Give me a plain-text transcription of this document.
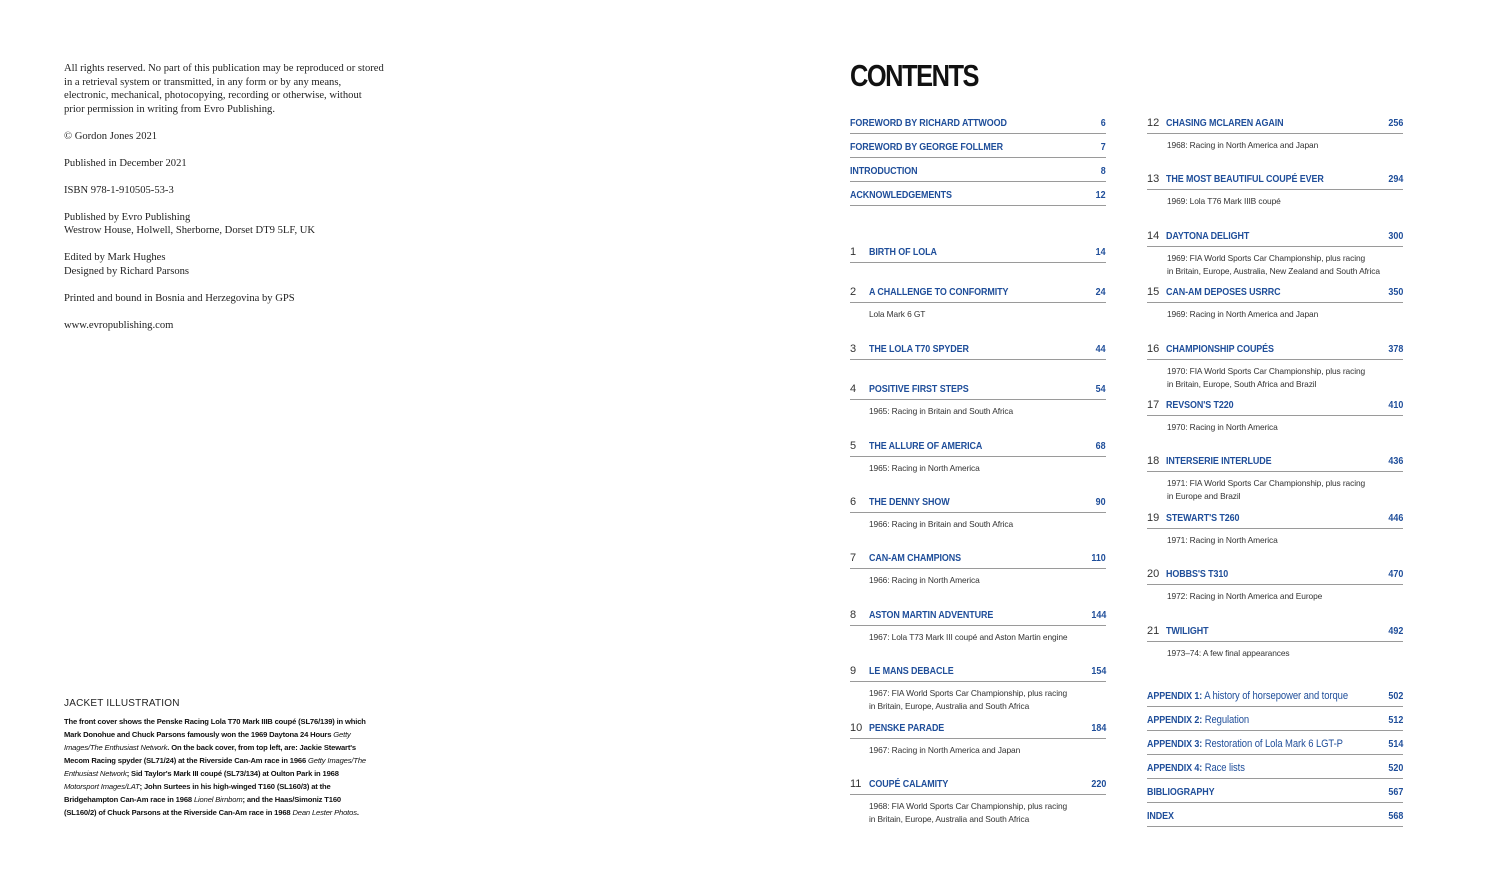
All rights reserved. No part of this publication may be reproduced or stored in a retrieval system or transmitted, in any form or by any means, electronic, mechanical, photocopying, recording or otherwise, without prior permission in writing from Evro Publishing.

© Gordon Jones 2021

Published in December 2021

ISBN 978-1-910505-53-3

Published by Evro Publishing
Westrow House, Holwell, Sherborne, Dorset DT9 5LF, UK

Edited by Mark Hughes
Designed by Richard Parsons

Printed and bound in Bosnia and Herzegovina by GPS

www.evropublishing.com

JACKET ILLUSTRATION
The front cover shows the Penske Racing Lola T70 Mark IIIB coupé (SL76/139) in which Mark Donohue and Chuck Parsons famously won the 1969 Daytona 24 Hours Getty Images/The Enthusiast Network. On the back cover, from top left, are: Jackie Stewart's Mecom Racing spyder (SL71/24) at the Riverside Can-Am race in 1966 Getty Images/The Enthusiast Network; Sid Taylor's Mark III coupé (SL73/134) at Oulton Park in 1968 Motorsport Images/LAT; John Surtees in his high-winged T160 (SL160/3) at the Bridgehampton Can-Am race in 1968 Lionel Birnbom; and the Haas/Simoniz T160 (SL160/2) of Chuck Parsons at the Riverside Can-Am race in 1968 Dean Lester Photos.
CONTENTS
FOREWORD BY RICHARD ATTWOOD	6
FOREWORD BY GEORGE FOLLMER	7
INTRODUCTION	8
ACKNOWLEDGEMENTS	12
1 BIRTH OF LOLA	14
2 A CHALLENGE TO CONFORMITY	24
Lola Mark 6 GT
3 THE LOLA T70 SPYDER	44
4 POSITIVE FIRST STEPS	54
1965: Racing in Britain and South Africa
5 THE ALLURE OF AMERICA	68
1965: Racing in North America
6 THE DENNY SHOW	90
1966: Racing in Britain and South Africa
7 CAN-AM CHAMPIONS	110
1966: Racing in North America
8 ASTON MARTIN ADVENTURE	144
1967: Lola T73 Mark III coupé and Aston Martin engine
9 LE MANS DEBACLE	154
1967: FIA World Sports Car Championship, plus racing
in Britain, Europe, Australia and South Africa
10 PENSKE PARADE	184
1967: Racing in North America and Japan
11 COUPÉ CALAMITY	220
1968: FIA World Sports Car Championship, plus racing
in Britain, Europe, Australia and South Africa
12 CHASING MCLAREN AGAIN	256
1968: Racing in North America and Japan
13 THE MOST BEAUTIFUL COUPÉ EVER	294
1969: Lola T76 Mark IIIB coupé
14 DAYTONA DELIGHT	300
1969: FIA World Sports Car Championship, plus racing
in Britain, Europe, Australia, New Zealand and South Africa
15 CAN-AM DEPOSES USRRC	350
1969: Racing in North America and Japan
16 CHAMPIONSHIP COUPÉS	378
1970: FIA World Sports Car Championship, plus racing
in Britain, Europe, South Africa and Brazil
17 REVSON'S T220	410
1970: Racing in North America
18 INTERSERIE INTERLUDE	436
1971: FIA World Sports Car Championship, plus racing
in Europe and Brazil
19 STEWART'S T260	446
1971: Racing in North America
20 HOBBS'S T310	470
1972: Racing in North America and Europe
21 TWILIGHT	492
1973–74: A few final appearances
APPENDIX 1: A history of horsepower and torque	502
APPENDIX 2: Regulation	512
APPENDIX 3: Restoration of Lola Mark 6 LGT-P	514
APPENDIX 4: Race lists	520
BIBLIOGRAPHY	567
INDEX	568
